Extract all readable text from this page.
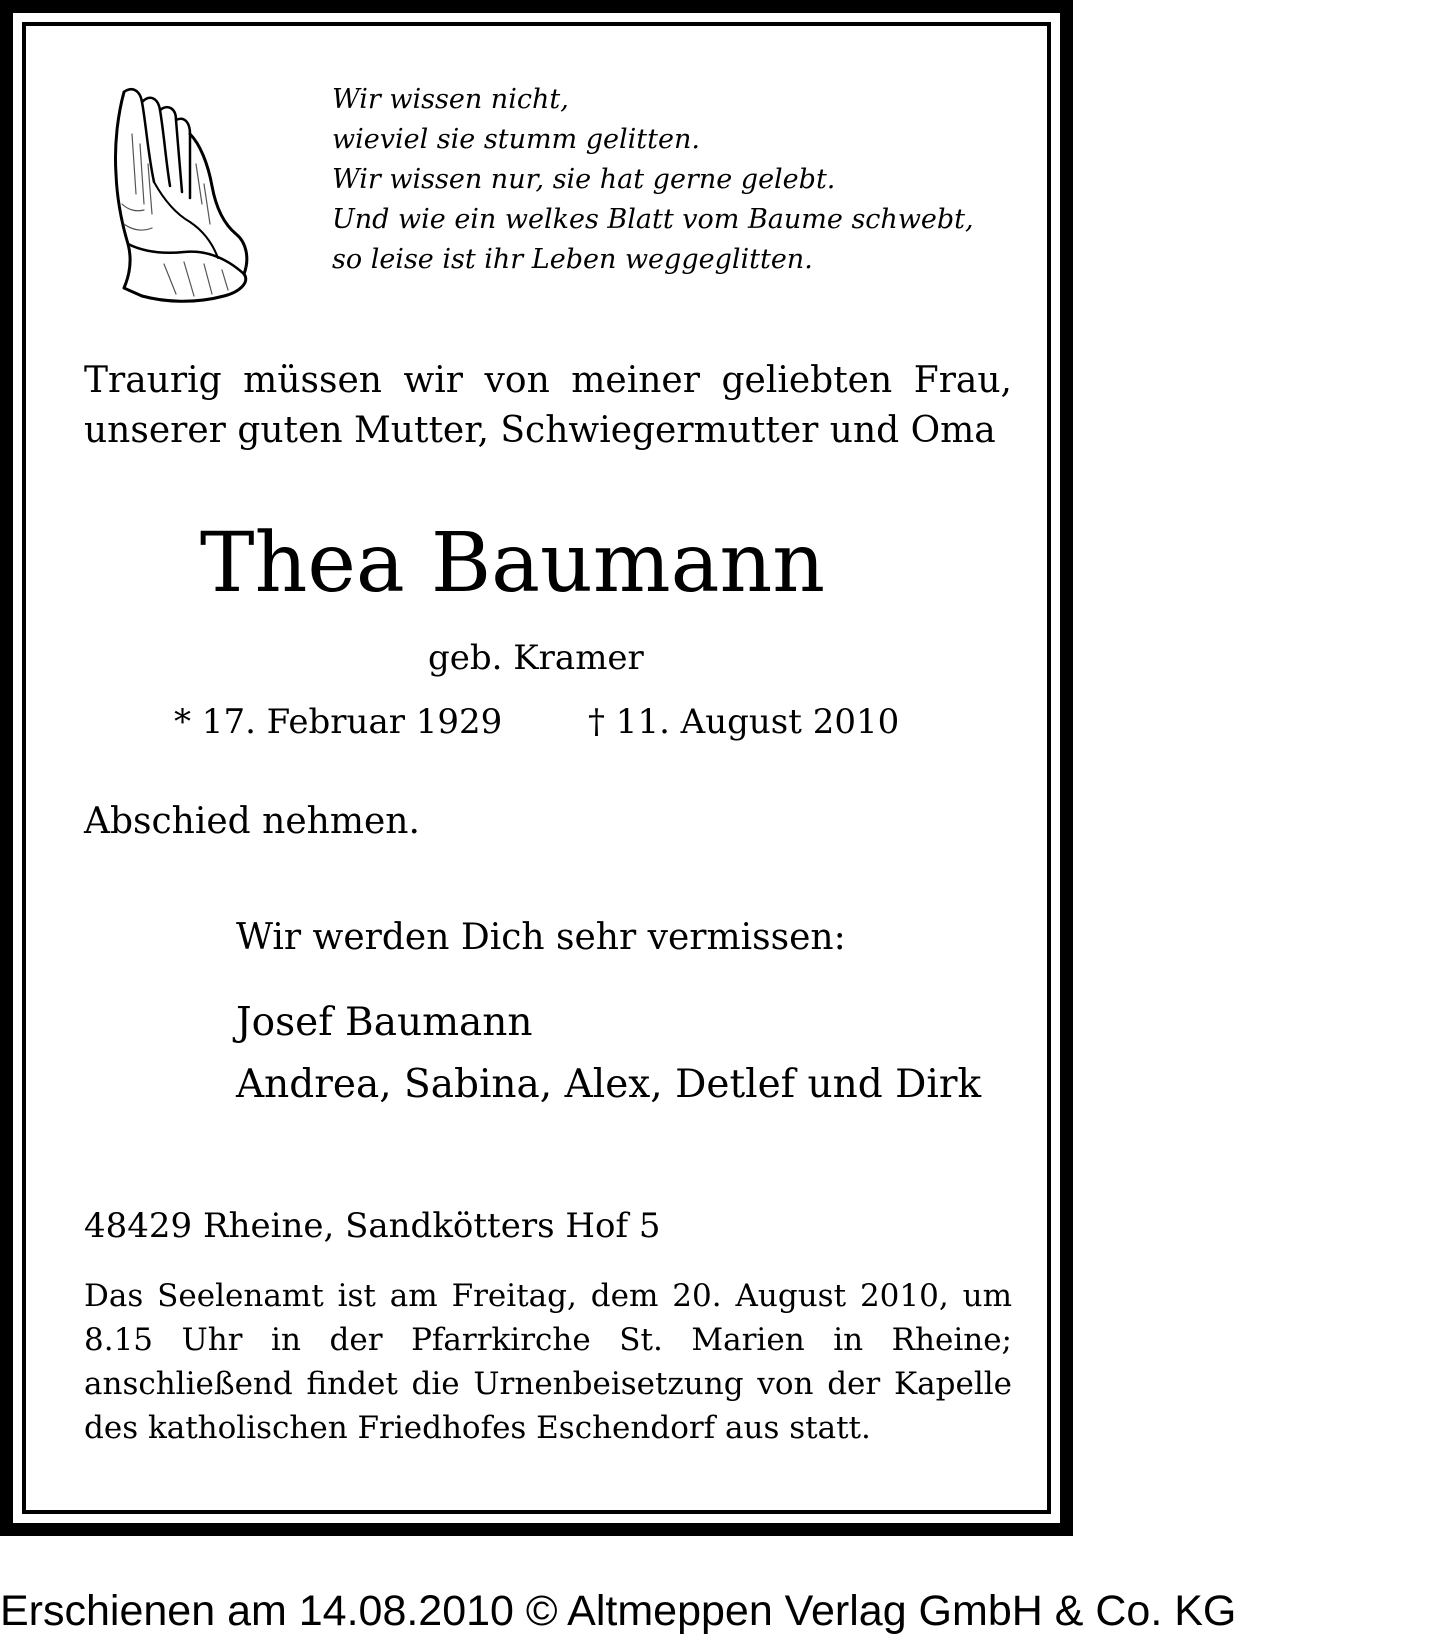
Wir wissen nicht,
wieviel sie stumm gelitten.
Wir wissen nur, sie hat gerne gelebt.
Und wie ein welkes Blatt vom Baume schwebt,
so leise ist ihr Leben weggeglitten.
Traurig müssen wir von meiner geliebten Frau,
unserer guten Mutter, Schwiegermutter und Oma
Thea Baumann
geb. Kramer
* 17. Februar 1929	† 11. August 2010
Abschied nehmen.
Wir werden Dich sehr vermissen:
Josef Baumann
Andrea, Sabina, Alex, Detlef und Dirk
48429 Rheine, Sandkötters Hof 5
Das Seelenamt ist am Freitag, dem 20. August 2010, um
8.15 Uhr in der Pfarrkirche St. Marien in Rheine;
anschließend findet die Urnenbeisetzung von der Kapelle
des katholischen Friedhofes Eschendorf aus statt.
Erschienen am 14.08.2010 © Altmeppen Verlag GmbH & Co. KG
